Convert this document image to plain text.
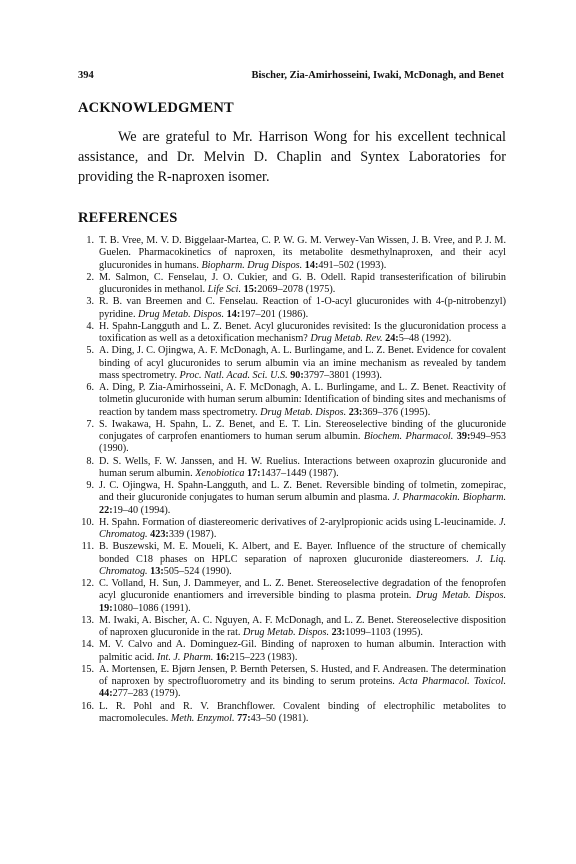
394	Bischer, Zia-Amirhosseini, Iwaki, McDonagh, and Benet
ACKNOWLEDGMENT
We are grateful to Mr. Harrison Wong for his excellent technical assistance, and Dr. Melvin D. Chaplin and Syntex Laboratories for providing the R-naproxen isomer.
REFERENCES
1. T. B. Vree, M. V. D. Biggelaar-Martea, C. P. W. G. M. Verwey-Van Wissen, J. B. Vree, and P. J. M. Guelen. Pharmacokinetics of naproxen, its metabolite desmethylnaproxen, and their acyl glucuronides in humans. Biopharm. Drug Dispos. 14:491–502 (1993).
2. M. Salmon, C. Fenselau, J. O. Cukier, and G. B. Odell. Rapid transesterification of bilirubin glucuronides in methanol. Life Sci. 15:2069–2078 (1975).
3. R. B. van Breemen and C. Fenselau. Reaction of 1-O-acyl glucuronides with 4-(p-nitrobenzyl) pyridine. Drug Metab. Dispos. 14:197–201 (1986).
4. H. Spahn-Langguth and L. Z. Benet. Acyl glucuronides revisited: Is the glucuronidation process a toxification as well as a detoxification mechanism? Drug Metab. Rev. 24:5–48 (1992).
5. A. Ding, J. C. Ojingwa, A. F. McDonagh, A. L. Burlingame, and L. Z. Benet. Evidence for covalent binding of acyl glucuronides to serum albumin via an imine mechanism as revealed by tandem mass spectrometry. Proc. Natl. Acad. Sci. U.S. 90:3797–3801 (1993).
6. A. Ding, P. Zia-Amirhosseini, A. F. McDonagh, A. L. Burlingame, and L. Z. Benet. Reactivity of tolmetin glucuronide with human serum albumin: Identification of binding sites and mechanisms of reaction by tandem mass spectrometry. Drug Metab. Dispos. 23:369–376 (1995).
7. S. Iwakawa, H. Spahn, L. Z. Benet, and E. T. Lin. Stereoselective binding of the glucuronide conjugates of carprofen enantiomers to human serum albumin. Biochem. Pharmacol. 39:949–953 (1990).
8. D. S. Wells, F. W. Janssen, and H. W. Ruelius. Interactions between oxaprozin glucuronide and human serum albumin. Xenobiotica 17:1437–1449 (1987).
9. J. C. Ojingwa, H. Spahn-Langguth, and L. Z. Benet. Reversible binding of tolmetin, zomepirac, and their glucuronide conjugates to human serum albumin and plasma. J. Pharmacokin. Biopharm. 22:19–40 (1994).
10. H. Spahn. Formation of diastereomeric derivatives of 2-arylpropionic acids using L-leucinamide. J. Chromatog. 423:339 (1987).
11. B. Buszewski, M. E. Moueli, K. Albert, and E. Bayer. Influence of the structure of chemically bonded C18 phases on HPLC separation of naproxen glucuronide diastereomers. J. Liq. Chromatog. 13:505–524 (1990).
12. C. Volland, H. Sun, J. Dammeyer, and L. Z. Benet. Stereoselective degradation of the fenoprofen acyl glucuronide enantiomers and irreversible binding to plasma protein. Drug Metab. Dispos. 19:1080–1086 (1991).
13. M. Iwaki, A. Bischer, A. C. Nguyen, A. F. McDonagh, and L. Z. Benet. Stereoselective disposition of naproxen glucuronide in the rat. Drug Metab. Dispos. 23:1099–1103 (1995).
14. M. V. Calvo and A. Dominguez-Gil. Binding of naproxen to human albumin. Interaction with palmitic acid. Int. J. Pharm. 16:215–223 (1983).
15. A. Mortensen, E. Bjørn Jensen, P. Bernth Petersen, S. Husted, and F. Andreasen. The determination of naproxen by spectrofluorometry and its binding to serum proteins. Acta Pharmacol. Toxicol. 44:277–283 (1979).
16. L. R. Pohl and R. V. Branchflower. Covalent binding of electrophilic metabolites to macromolecules. Meth. Enzymol. 77:43–50 (1981).
